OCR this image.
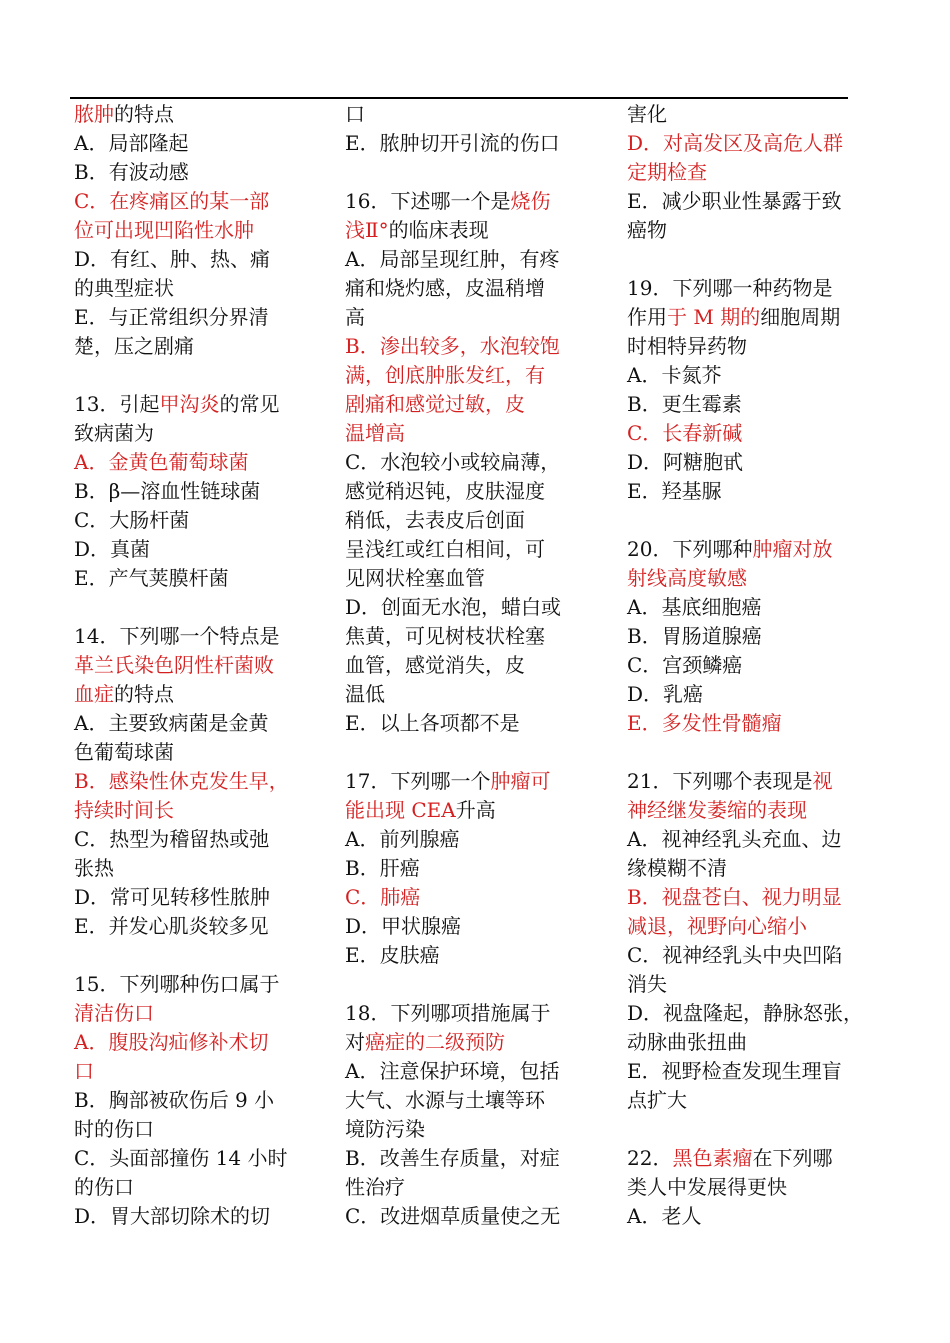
脓肿的特点
A．局部隆起
B．有波动感
C．在疼痛区的某一部
位可出现凹陷性水肿
D．有红、肿、热、痛
的典型症状
E．与正常组织分界清
楚，压之剧痛
13．引起甲沟炎的常见
致病菌为
A．金黄色葡萄球菌
B．β—溶血性链球菌
C．大肠杆菌
D．真菌
E．产气荚膜杆菌
14．下列哪一个特点是
革兰氏染色阴性杆菌败
血症的特点
A．主要致病菌是金黄
色葡萄球菌
B．感染性休克发生早，
持续时间长
C．热型为稽留热或弛
张热
D．常可见转移性脓肿
E．并发心肌炎较多见
15．下列哪种伤口属于
清洁伤口
A．腹股沟疝修补术切
口
B．胸部被砍伤后 9 小
时的伤口
C．头面部撞伤 14 小时
的伤口
D．胃大部切除术的切
口
E．脓肿切开引流的伤口
16．下述哪一个是烧伤
浅Ⅱ°的临床表现
A．局部呈现红肿，有疼
痛和烧灼感，皮温稍增
高
B．渗出较多，水泡较饱
满，创底肿胀发红，有
剧痛和感觉过敏，皮
温增高
C．水泡较小或较扁薄，
感觉稍迟钝，皮肤湿度
稍低，去表皮后创面
呈浅红或红白相间，可
见网状栓塞血管
D．创面无水泡，蜡白或
焦黄，可见树枝状栓塞
血管，感觉消失，皮
温低
E．以上各项都不是
17．下列哪一个肿瘤可
能出现 CEA升高
A．前列腺癌
B．肝癌
C．肺癌
D．甲状腺癌
E．皮肤癌
18．下列哪项措施属于
对癌症的二级预防
A．注意保护环境，包括
大气、水源与土壤等环
境防污染
B．改善生存质量，对症
性治疗
C．改进烟草质量使之无
害化
D．对高发区及高危人群
定期检查
E．减少职业性暴露于致
癌物
19．下列哪一种药物是
作用于 M 期的细胞周期
时相特异药物
A．卡氮芥
B．更生霉素
C．长春新碱
D．阿糖胞甙
E．羟基脲
20．下列哪种肿瘤对放
射线高度敏感
A．基底细胞癌
B．胃肠道腺癌
C．宫颈鳞癌
D．乳癌
E．多发性骨髓瘤
21．下列哪个表现是视
神经继发萎缩的表现
A．视神经乳头充血、边
缘模糊不清
B．视盘苍白、视力明显
减退，视野向心缩小
C．视神经乳头中央凹陷
消失
D．视盘隆起，静脉怒张，
动脉曲张扭曲
E．视野检查发现生理盲
点扩大
22．黑色素瘤在下列哪
类人中发展得更快
A．老人
